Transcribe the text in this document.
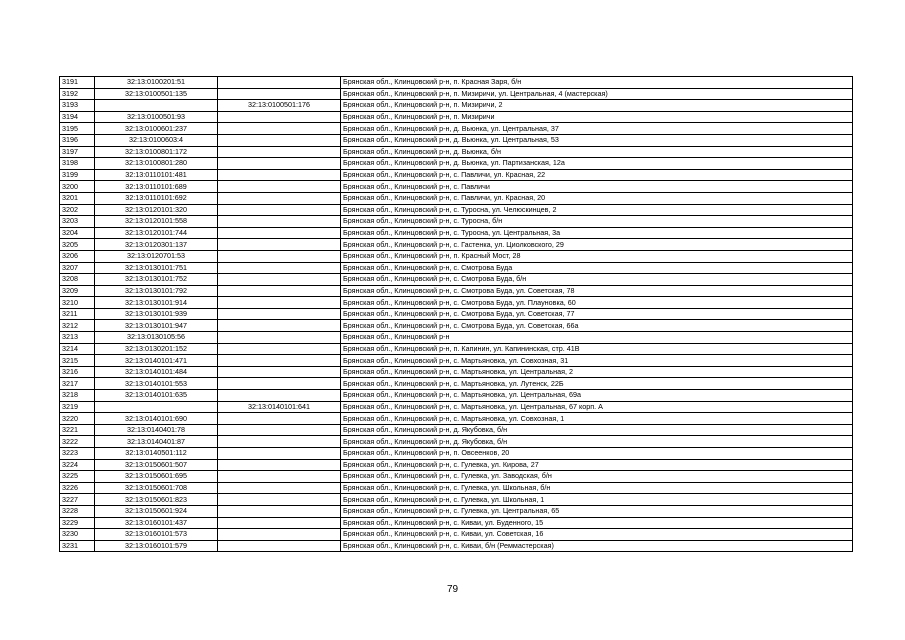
3191	32:13:0100201:51		Брянская обл., Клинцовский р-н, п. Красная Заря, б/н
3192	32:13:0100501:135		Брянская обл., Клинцовский р-н, п. Мизиричи, ул. Центральная, 4 (мастерская)
3193		32:13:0100501:176	Брянская обл., Клинцовский р-н, п. Мизиричи, 2
3194	32:13:0100501:93		Брянская обл., Клинцовский р-н, п. Мизиричи
3195	32:13:0100601:237		Брянская обл., Клинцовский р-н, д. Вьюнка, ул. Центральная, 37
3196	32:13:0100603:4		Брянская обл., Клинцовский р-н, д. Вьюнка, ул. Центральная, 53
3197	32:13:0100801:172		Брянская обл., Клинцовский р-н, д. Вьюнка, б/н
3198	32:13:0100801:280		Брянская обл., Клинцовский р-н, д. Вьюнка, ул. Партизанская, 12а
3199	32:13:0110101:481		Брянская обл., Клинцовский р-н, с. Павличи, ул. Красная, 22
3200	32:13:0110101:689		Брянская обл., Клинцовский р-н, с. Павличи
3201	32:13:0110101:692		Брянская обл., Клинцовский р-н, с. Павличи, ул. Красная, 20
3202	32:13:0120101:320		Брянская обл., Клинцовский р-н, с. Туросна, ул. Челюскинцев, 2
3203	32:13:0120101:558		Брянская обл., Клинцовский р-н, с. Туросна, б/н
3204	32:13:0120101:744		Брянская обл., Клинцовский р-н, с. Туросна, ул. Центральная, 3а
3205	32:13:0120301:137		Брянская обл., Клинцовский р-н, с. Гастенка, ул. Циолковского, 29
3206	32:13:0120701:53		Брянская обл., Клинцовский р-н, п. Красный Мост, 28
3207	32:13:0130101:751		Брянская обл., Клинцовский р-н, с. Смотрова Буда
3208	32:13:0130101:752		Брянская обл., Клинцовский р-н, с. Смотрова Буда, б/н
3209	32:13:0130101:792		Брянская обл., Клинцовский р-н, с. Смотрова Буда, ул. Советская, 78
3210	32:13:0130101:914		Брянская обл., Клинцовский р-н, с. Смотрова Буда, ул. Плауновка, 60
3211	32:13:0130101:939		Брянская обл., Клинцовский р-н, с. Смотрова Буда, ул. Советская, 77
3212	32:13:0130101:947		Брянская обл., Клинцовский р-н, с. Смотрова Буда, ул. Советская, 66а
3213	32:13:0130105:56		Брянская обл., Клинцовский р-н
3214	32:13:0130201:152		Брянская обл., Клинцовский р-н, п. Капинин, ул. Капининская, стр. 41В
3215	32:13:0140101:471		Брянская обл., Клинцовский р-н, с. Мартьяновка, ул. Совхозная, 31
3216	32:13:0140101:484		Брянская обл., Клинцовский р-н, с. Мартьяновка, ул. Центральная, 2
3217	32:13:0140101:553		Брянская обл., Клинцовский р-н, с. Мартьяновка, ул. Лутенск, 22Б
3218	32:13:0140101:635		Брянская обл., Клинцовский р-н, с. Мартьяновка, ул. Центральная, 69а
3219		32:13:0140101:641	Брянская обл., Клинцовский р-н, с. Мартьяновка, ул. Центральная, 67 корп. А
3220	32:13:0140101:690		Брянская обл., Клинцовский р-н, с. Мартьяновка, ул. Совхозная, 1
3221	32:13:0140401:78		Брянская обл., Клинцовский р-н, д. Якубовка, б/н
3222	32:13:0140401:87		Брянская обл., Клинцовский р-н, д. Якубовка, б/н
3223	32:13:0140501:112		Брянская обл., Клинцовский р-н, п. Овсеенков, 20
3224	32:13:0150601:507		Брянская обл., Клинцовский р-н, с. Гулевка, ул. Кирова, 27
3225	32:13:0150601:695		Брянская обл., Клинцовский р-н, с. Гулевка, ул. Заводская, б/н
3226	32:13:0150601:708		Брянская обл., Клинцовский р-н, с. Гулевка, ул. Школьная, б/н
3227	32:13:0150601:823		Брянская обл., Клинцовский р-н, с. Гулевка, ул. Школьная, 1
3228	32:13:0150601:924		Брянская обл., Клинцовский р-н, с. Гулевка, ул. Центральная, 65
3229	32:13:0160101:437		Брянская обл., Клинцовский р-н, с. Киваи, ул. Буденного, 15
3230	32:13:0160101:573		Брянская обл., Клинцовский р-н, с. Киваи, ул. Советская, 16
3231	32:13:0160101:579		Брянская обл., Клинцовский р-н, с. Киваи, б/н (Реммастерская)
79
